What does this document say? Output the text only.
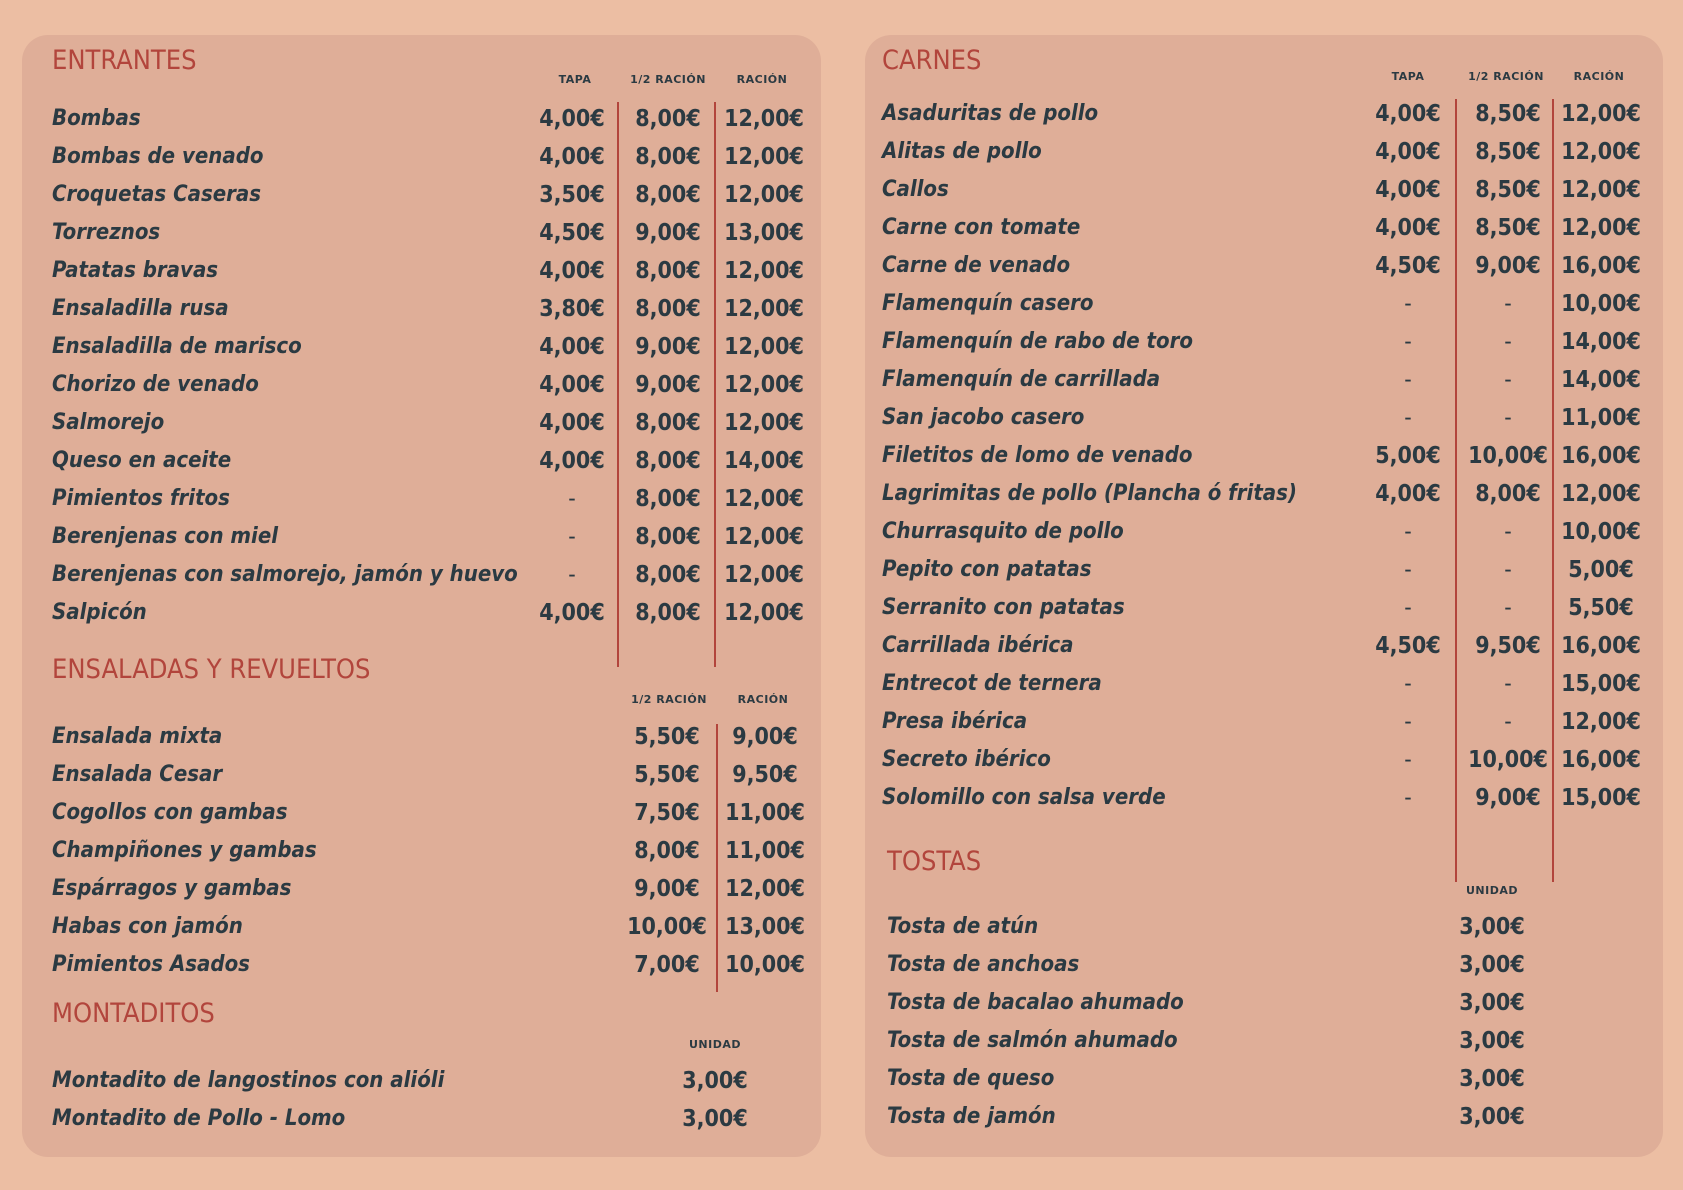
ENTRANTES
TAPA	1/2 RACIÓN	RACIÓN
Bombas	4,00€	8,00€	12,00€
Bombas de venado	4,00€	8,00€	12,00€
Croquetas Caseras	3,50€	8,00€	12,00€
Torreznos	4,50€	9,00€	13,00€
Patatas bravas	4,00€	8,00€	12,00€
Ensaladilla rusa	3,80€	8,00€	12,00€
Ensaladilla de marisco	4,00€	9,00€	12,00€
Chorizo de venado	4,00€	9,00€	12,00€
Salmorejo	4,00€	8,00€	12,00€
Queso en aceite	4,00€	8,00€	14,00€
Pimientos fritos	-	8,00€	12,00€
Berenjenas con miel	-	8,00€	12,00€
Berenjenas con salmorejo, jamón y huevo	-	8,00€	12,00€
Salpicón	4,00€	8,00€	12,00€
ENSALADAS Y REVUELTOS
1/2 RACIÓN	RACIÓN
Ensalada mixta	5,50€	9,00€
Ensalada Cesar	5,50€	9,50€
Cogollos con gambas	7,50€	11,00€
Champiñones y gambas	8,00€	11,00€
Espárragos y gambas	9,00€	12,00€
Habas con jamón	10,00€ 13,00€
Pimientos Asados	7,00€	10,00€
MONTADITOS
UNIDAD
Montadito de langostinos con alióli	3,00€
Montadito de Pollo - Lomo	3,00€
CARNES
TAPA	1/2 RACIÓN	RACIÓN
Asaduritas de pollo	4,00€	8,50€ 12,00€
Alitas de pollo	4,00€	8,50€ 12,00€
Callos	4,00€	8,50€ 12,00€
Carne con tomate	4,00€	8,50€ 12,00€
Carne de venado	4,50€	9,00€ 16,00€
Flamenquín casero	-	-	10,00€
Flamenquín de rabo de toro	-	-	14,00€
Flamenquín de carrillada	-	-	14,00€
San jacobo casero	-	-	11,00€
Filetitos de lomo de venado	5,00€	10,00€ 16,00€
Lagrimitas de pollo (Plancha ó fritas)	4,00€	8,00€ 12,00€
Churrasquito de pollo	-	-	10,00€
Pepito con patatas	-	-	5,00€
Serranito con patatas	-	-	5,50€
Carrillada ibérica	4,50€	9,50€ 16,00€
Entrecot de ternera	-	-	15,00€
Presa ibérica	-	-	12,00€
Secreto ibérico	-	10,00€ 16,00€
Solomillo con salsa verde	-	9,00€ 15,00€
TOSTAS
UNIDAD
Tosta de atún	3,00€
Tosta de anchoas	3,00€
Tosta de bacalao ahumado	3,00€
Tosta de salmón ahumado	3,00€
Tosta de queso	3,00€
Tosta de jamón	3,00€
